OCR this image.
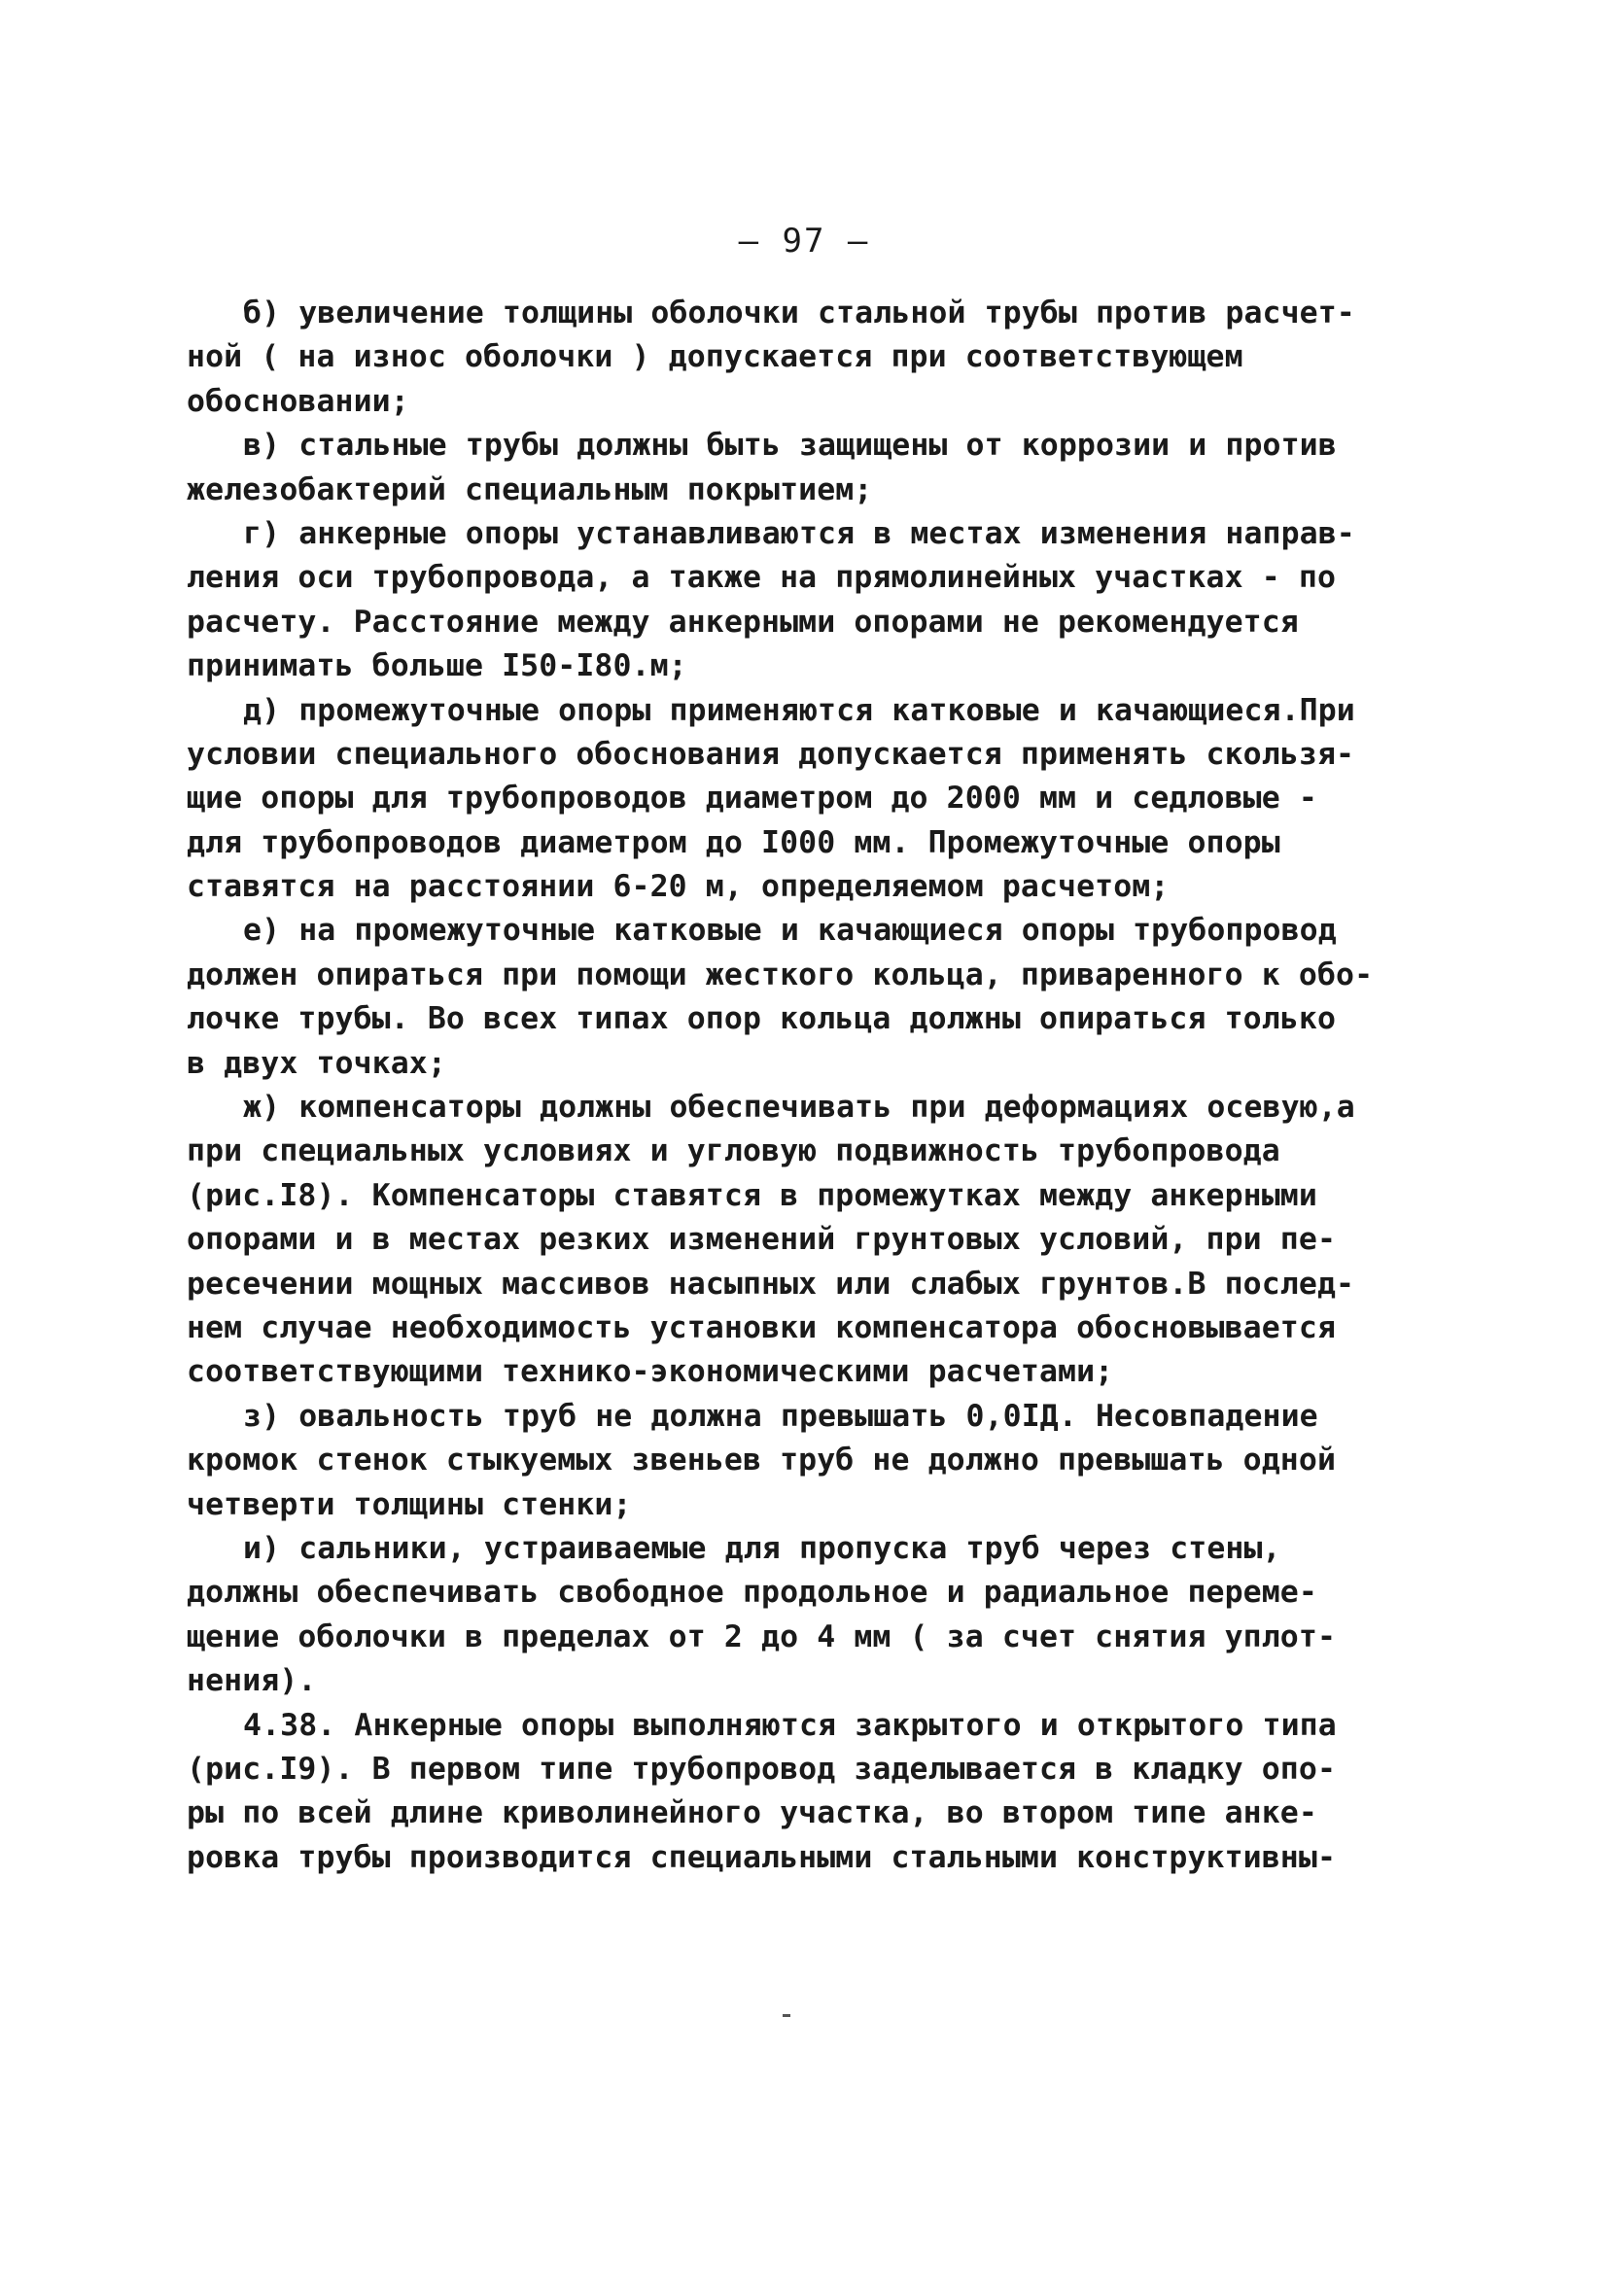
— 97 —
б) увеличение толщины оболочки стальной трубы против расчет-
ной ( на износ оболочки ) допускается при соответствующем
обосновании;
в) стальные трубы должны быть защищены от коррозии и против
железобактерий специальным покрытием;
г) анкерные опоры устанавливаются в местах изменения направ-
ления оси трубопровода, а также на прямолинейных участках - по
расчету. Расстояние между анкерными опорами не рекомендуется
принимать больше I50-I80.м;
д) промежуточные опоры применяются катковые и качающиеся.При
условии специального обоснования допускается применять скользя-
щие опоры для трубопроводов диаметром до 2000 мм и седловые -
для трубопроводов диаметром до I000 мм. Промежуточные опоры
ставятся на расстоянии 6-20 м, определяемом расчетом;
е) на промежуточные катковые и качающиеся опоры трубопровод
должен опираться при помощи жесткого кольца, приваренного к обо-
лочке трубы. Во всех типах опор кольца должны опираться только
в двух точках;
ж) компенсаторы должны обеспечивать при деформациях осевую,а
при специальных условиях и угловую подвижность трубопровода
(рис.I8). Компенсаторы ставятся в промежутках между анкерными
опорами и в местах резких изменений грунтовых условий, при пе-
ресечении мощных массивов насыпных или слабых грунтов.В послед-
нем случае необходимость установки компенсатора обосновывается
соответствующими технико-экономическими расчетами;
з) овальность труб не должна превышать 0,0IД. Несовпадение
кромок стенок стыкуемых звеньев труб не должно превышать одной
четверти толщины стенки;
и) сальники, устраиваемые для пропуска труб через стены,
должны обеспечивать свободное продольное и радиальное переме-
щение оболочки в пределах от 2 до 4 мм ( за счет снятия уплот-
нения).
4.38. Анкерные опоры выполняются закрытого и открытого типа
(рис.I9). В первом типе трубопровод заделывается в кладку опо-
ры по всей длине криволинейного участка, во втором типе анке-
ровка трубы производится специальными стальными конструктивны-
